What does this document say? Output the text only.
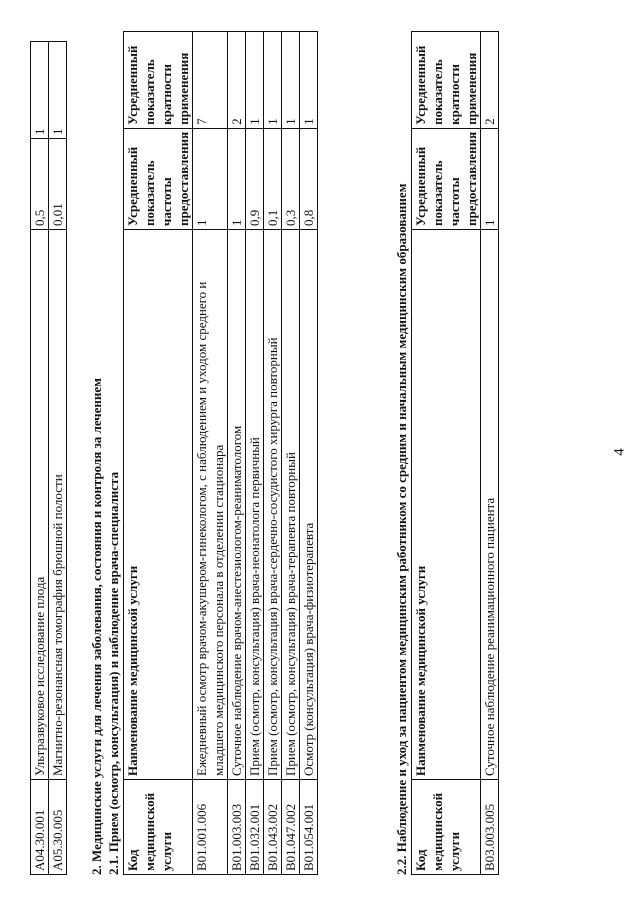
4
A04.30.001	Ультразвуковое исследование плода	0,5	1
A05.30.005	Магнитно-резонансная томография брюшной полости	0,01	1
2. Медицинские услуги для лечения заболевания, состояния и контроля за лечением 2.1. Прием (осмотр, консультация) и наблюдение врача-специалиста Код медицинской услуги	Наименование медицинской услуги	Усредненный показатель частоты предоставления	Усредненный показатель кратности применения
B01.001.006	Ежедневный осмотр врачом-акушером-гинекологом, с наблюдением и уходом среднего и младшего медицинского персонала в отделении стационара	1	7
B01.003.003	Суточное наблюдение врачом-анестезиологом-реаниматологом	1	2
B01.032.001	Прием (осмотр, консультация) врача-неонатолога первичный	0,9	1
B01.043.002	Прием (осмотр, консультация) врача-сердечно-сосудистого хирурга повторный	0,1	1
B01.047.002	Прием (осмотр, консультация) врача-терапевта повторный	0,3	1
B01.054.001	Осмотр (консультация) врача-физиотерапевта	0,8	1
2.2. Наблюдение и уход за пациентом медицинским работником со средним и начальным медицинским образованием Код медицинской услуги	Наименование медицинской услуги	Усредненный показатель частоты предоставления	Усредненный показатель кратности применения
B03.003.005	Суточное наблюдение реанимационного пациента	1	2
